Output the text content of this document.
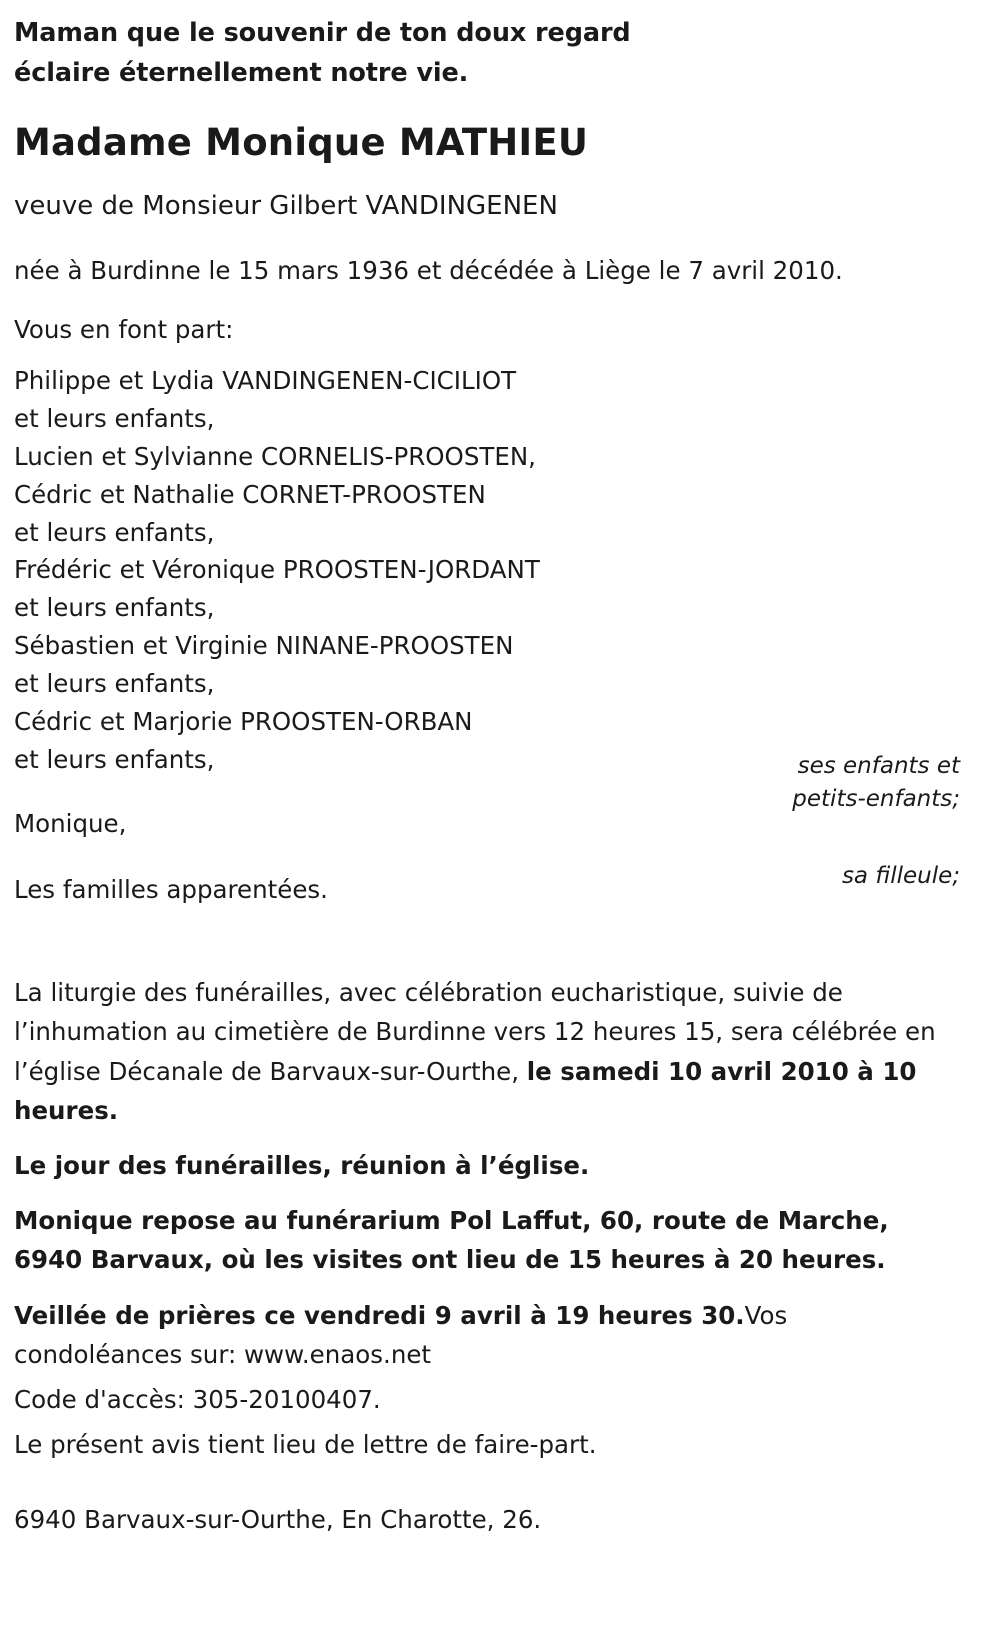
Maman que le souvenir de ton doux regard
éclaire éternellement notre vie.
Madame Monique MATHIEU
veuve de Monsieur Gilbert VANDINGENEN
née à Burdinne le 15 mars 1936 et décédée à Liège le 7 avril 2010.
Vous en font part:
Philippe et Lydia VANDINGENEN-CICILIOT
et leurs enfants,
Lucien et Sylvianne CORNELIS-PROOSTEN,
Cédric et Nathalie CORNET-PROOSTEN
et leurs enfants,
Frédéric et Véronique PROOSTEN-JORDANT
et leurs enfants,
Sébastien et Virginie NINANE-PROOSTEN
et leurs enfants,
Cédric et Marjorie PROOSTEN-ORBAN
et leurs enfants,	ses enfants et
petits-enfants;
sa filleule;
Monique,
Les familles apparentées.
La liturgie des funérailles, avec célébration eucharistique, suivie de l’inhumation au cimetière de Burdinne vers 12 heures 15, sera célébrée en l’église Décanale de Barvaux-sur-Ourthe, le samedi 10 avril 2010 à 10 heures.
Le jour des funérailles, réunion à l’église.
Monique repose au funérarium Pol Laffut, 60, route de Marche, 6940 Barvaux, où les visites ont lieu de 15 heures à 20 heures.
Veillée de prières ce vendredi 9 avril à 19 heures 30.Vos condoléances sur: www.enaos.net
Code d'accès: 305-20100407.
Le présent avis tient lieu de lettre de faire-part.
6940 Barvaux-sur-Ourthe, En Charotte, 26.
